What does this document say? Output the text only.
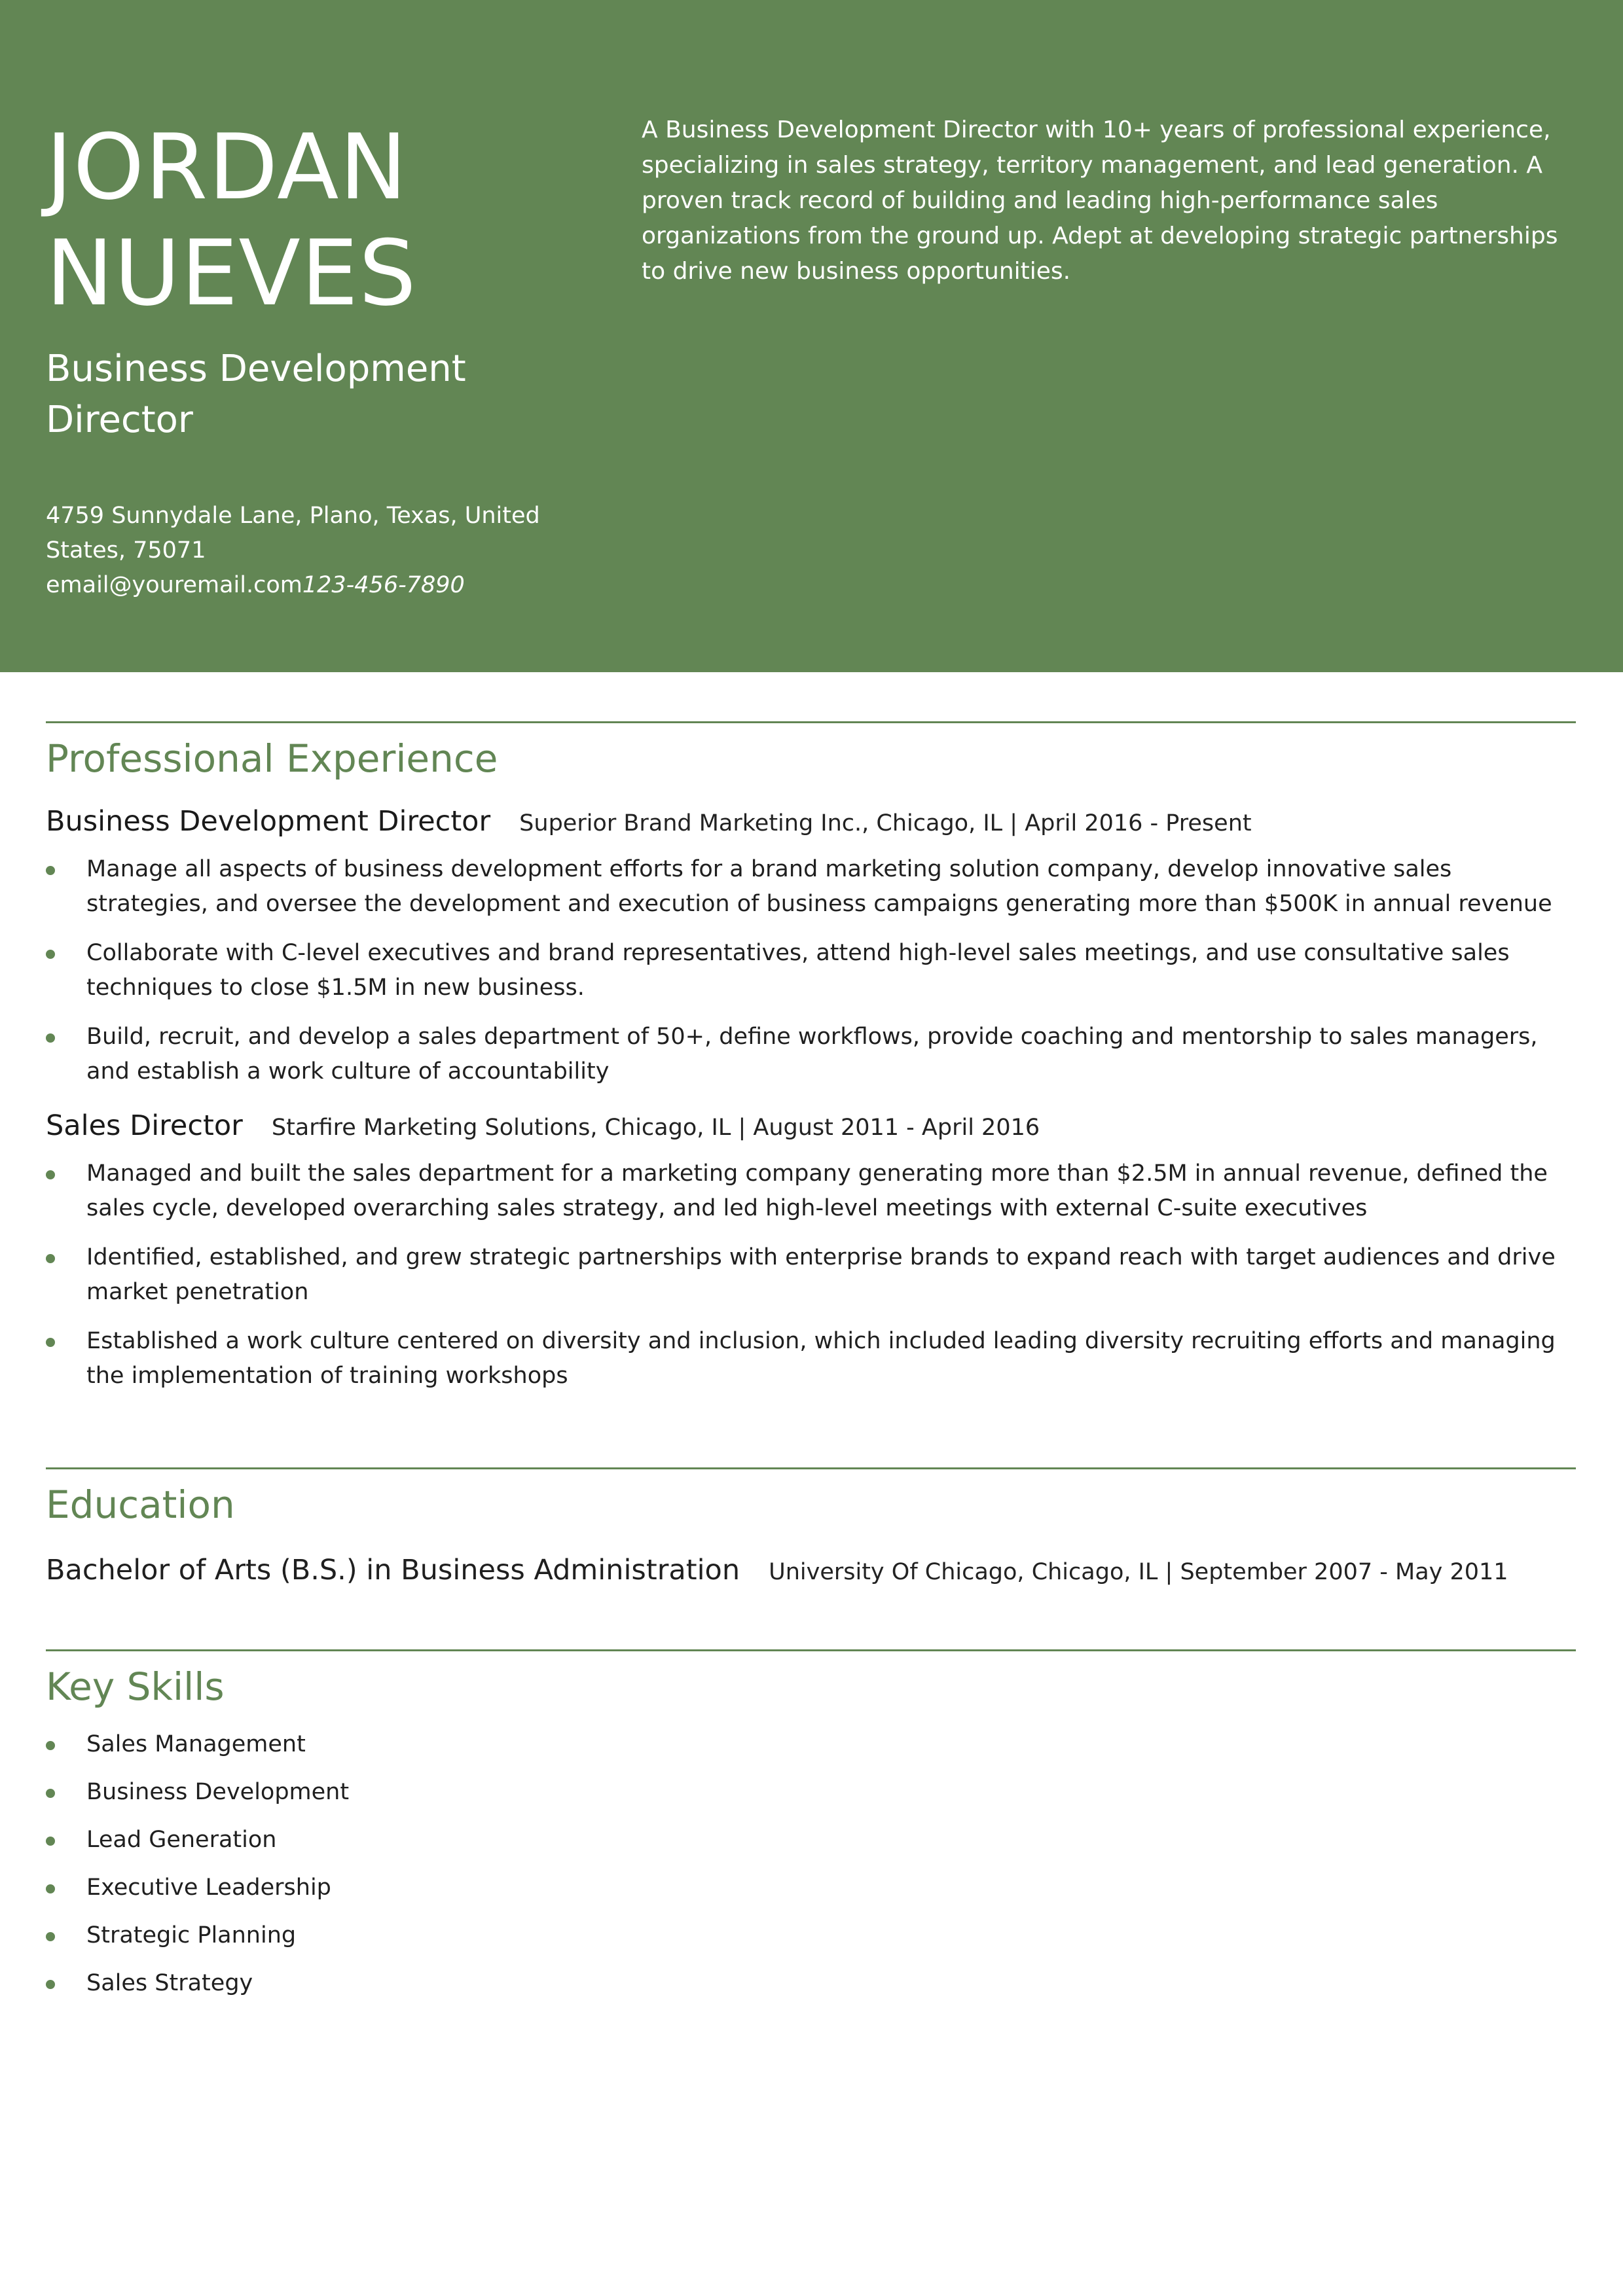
JORDAN
NUEVES
Business Development Director
4759 Sunnydale Lane, Plano, Texas, United States, 75071
email@youremail.com123-456-7890
A Business Development Director with 10+ years of professional experience, specializing in sales strategy, territory management, and lead generation. A proven track record of building and leading high-performance sales organizations from the ground up. Adept at developing strategic partnerships to drive new business opportunities.
Professional Experience
Business Development Director Superior Brand Marketing Inc., Chicago, IL | April 2016 - Present
Manage all aspects of business development efforts for a brand marketing solution company, develop innovative sales strategies, and oversee the development and execution of business campaigns generating more than $500K in annual revenue
Collaborate with C-level executives and brand representatives, attend high-level sales meetings, and use consultative sales techniques to close $1.5M in new business.
Build, recruit, and develop a sales department of 50+, define workflows, provide coaching and mentorship to sales managers, and establish a work culture of accountability
Sales Director Starfire Marketing Solutions, Chicago, IL | August 2011 - April 2016
Managed and built the sales department for a marketing company generating more than $2.5M in annual revenue, defined the sales cycle, developed overarching sales strategy, and led high-level meetings with external C-suite executives
Identified, established, and grew strategic partnerships with enterprise brands to expand reach with target audiences and drive market penetration
Established a work culture centered on diversity and inclusion, which included leading diversity recruiting efforts and managing the implementation of training workshops
Education
Bachelor of Arts (B.S.) in Business Administration University Of Chicago, Chicago, IL | September 2007 - May 2011
Key Skills
Sales Management
Business Development
Lead Generation
Executive Leadership
Strategic Planning
Sales Strategy
